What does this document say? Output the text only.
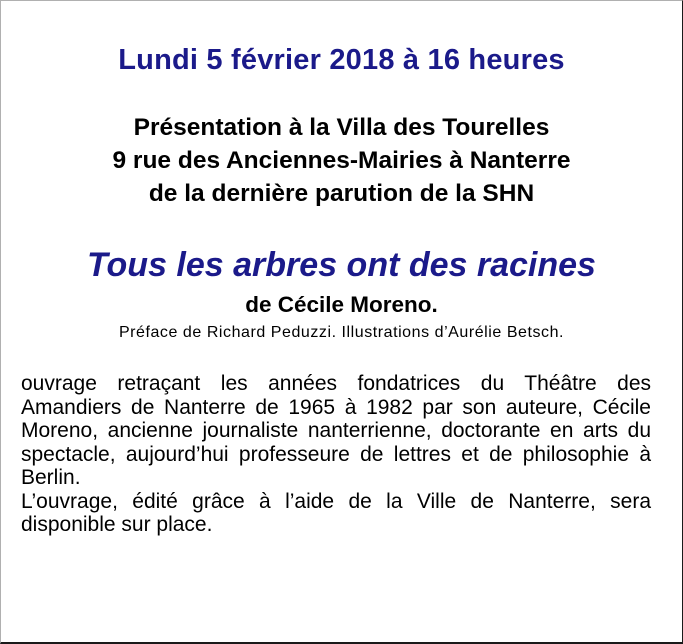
Lundi 5 février 2018 à 16 heures
Présentation à la Villa des Tourelles
9 rue des Anciennes-Mairies à Nanterre
de la dernière parution de la SHN
Tous les arbres ont des racines
de Cécile Moreno.
Préface de Richard Peduzzi. Illustrations d’Aurélie Betsch.

ouvrage retraçant les années fondatrices du Théâtre des Amandiers de Nanterre de 1965 à 1982 par son auteure, Cécile Moreno, ancienne journaliste nanterrienne, doctorante en arts du spectacle, aujourd’hui professeure de lettres et de philosophie à Berlin.

L’ouvrage, édité grâce à l’aide de la Ville de Nanterre, sera disponible sur place.
